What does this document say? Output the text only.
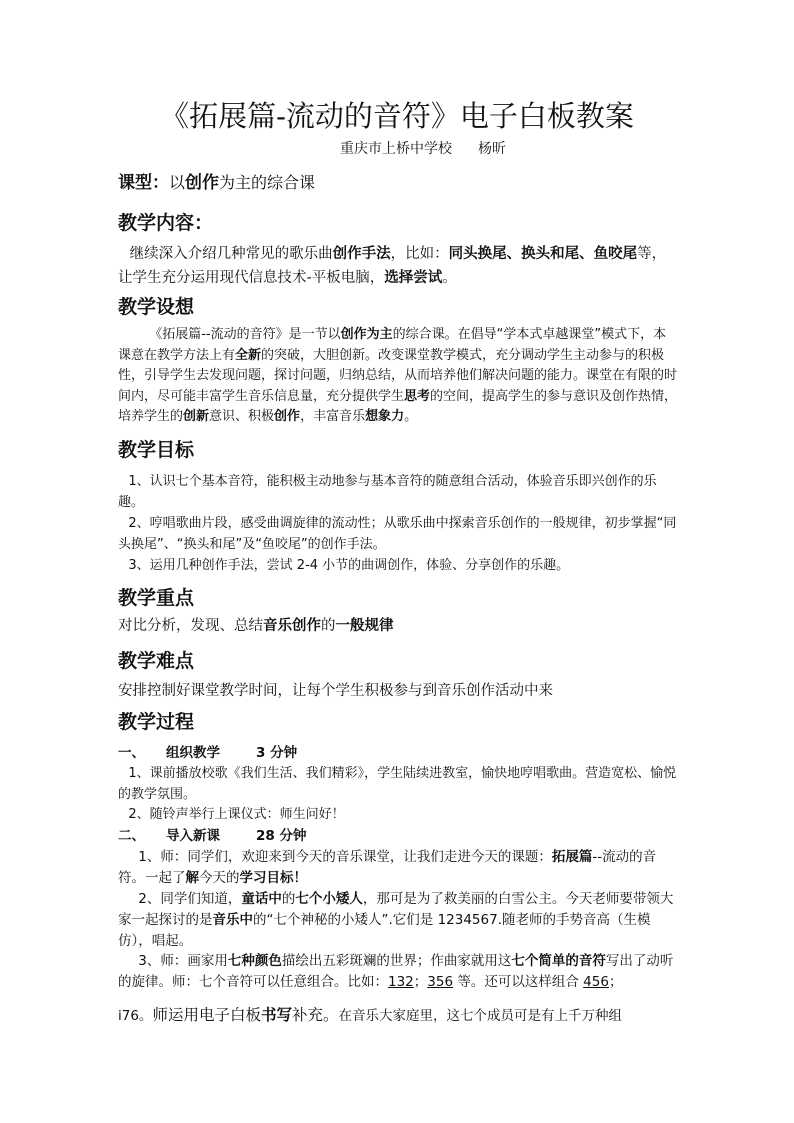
《拓展篇-流动的音符》电子白板教案
重庆市上桥中学校 杨昕
课型：以创作为主的综合课
教学内容：

继续深入介绍几种常见的歌乐曲创作手法，比如：同头换尾、换头和尾、鱼咬尾等，让学生充分运用现代信息技术-平板电脑，选择尝试。

教学设想

《拓展篇--流动的音符》是一节以创作为主的综合课。在倡导“学本式卓越课堂”模式下，本课意在教学方法上有全新的突破，大胆创新。改变课堂教学模式，充分调动学生主动参与的积极性，引导学生去发现问题，探讨问题，归纳总结，从而培养他们解决问题的能力。课堂在有限的时间内，尽可能丰富学生音乐信息量，充分提供学生思考的空间，提高学生的参与意识及创作热情，培养学生的创新意识、积极创作，丰富音乐想象力。

教学目标

1、认识七个基本音符，能积极主动地参与基本音符的随意组合活动，体验音乐即兴创作的乐趣。

2、哼唱歌曲片段，感受曲调旋律的流动性；从歌乐曲中探索音乐创作的一般规律，初步掌握“同头换尾”、“换头和尾”及“鱼咬尾”的创作手法。

3、运用几种创作手法，尝试 2-4 小节的曲调创作，体验、分享创作的乐趣。

教学重点

对比分析，发现、总结音乐创作的一般规律

教学难点

安排控制好课堂教学时间，让每个学生积极参与到音乐创作活动中来

教学过程
一、 组织教学	3 分钟

1、课前播放校歌《我们生活、我们精彩》，学生陆续进教室，愉快地哼唱歌曲。营造宽松、愉悦的教学氛围。

2、随铃声举行上课仪式：师生问好！

二、 导入新课	28 分钟

1、师：同学们，欢迎来到今天的音乐课堂，让我们走进今天的课题：拓展篇--流动的音符。一起了解今天的学习目标！

2、同学们知道，童话中的七个小矮人，那可是为了救美丽的白雪公主。今天老师要带领大家一起探讨的是音乐中的“七个神秘的小矮人”.它们是 1234567.随老师的手势音高（生模仿），唱起。

3、师：画家用七种颜色描绘出五彩斑斓的世界；作曲家就用这七个简单的音符写出了动听的旋律。师：七个音符可以任意组合。比如：132；356 等。还可以这样组合 456；

i76。师运用电子白板书写补充。在音乐大家庭里，这七个成员可是有上千万种组
